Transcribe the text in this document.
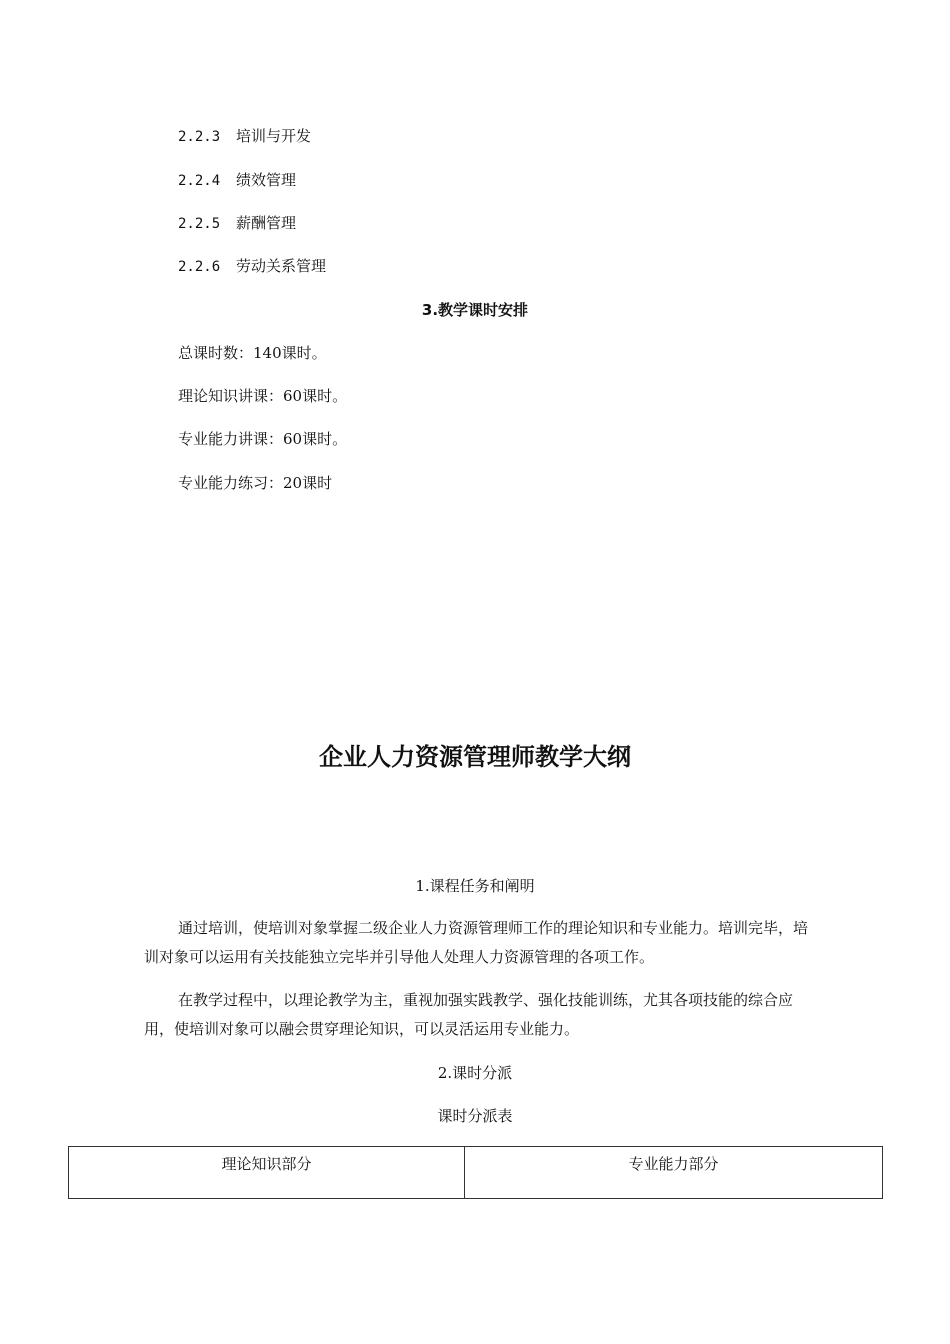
2.2.3 培训与开发
2.2.4 绩效管理
2.2.5 薪酬管理
2.2.6 劳动关系管理
3.教学课时安排
总课时数：140课时。
理论知识讲课：60课时。
专业能力讲课：60课时。
专业能力练习：20课时
企业人力资源管理师教学大纲
1.课程任务和阐明
通过培训，使培训对象掌握二级企业人力资源管理师工作的理论知识和专业能力。培训完毕，培训对象可以运用有关技能独立完毕并引导他人处理人力资源管理的各项工作。
在教学过程中，以理论教学为主，重视加强实践教学、强化技能训练，尤其各项技能的综合应用，使培训对象可以融会贯穿理论知识，可以灵活运用专业能力。
2.课时分派
课时分派表
理论知识部分	专业能力部分
